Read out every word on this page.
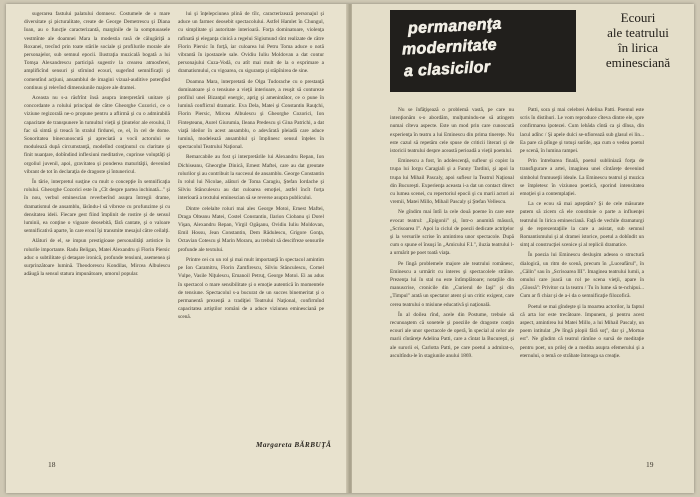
sugerarea fastului palatului domnesc. Costumele de o mare diversitate şi picturalitate, create de George Demetrescu şi Diana Ioan, au o funcţie caracterizantă, marginile de la somptuoasele vestmînte ale doamnei Mara la modestia rasă de călugăriţă a Roxanei, trecînd prin toate stările sociale şi profilurile morale ale personajelor, sub semnul epocii. Ilustraţia muzicală bogată a lui Tomşa Alexandrescu participă sugestiv la crearea atmosferei, amplificînd sensuri şi stîrnind ecouri, sugerînd semnificaţii şi comentînd acţiuni, ansamblul de imagini vizual-auditive potenţînd continuu şi relevînd dimensiunile majore ale dramei.

Aceasta nu s-a răsfrînt însă asupra interpretării unitare şi concordante a rolului principal de către Gheorghe Cozorici, ce o viziune regizorală ne-o propune pentru a aflirmă şi cu o admirabilă capacitate de transpunere în tumultul vieţii şi ţinutelor ale eroului, îl fac să simtă şi treacă în stralul firdurei, ce, el, în cel de dome. Sonoritatea binecunoscută şi apreciată a vocii actorului se modulează după circumstanţă, modelînd conţinutul cu claritate şi finit nuanţare, dobîndind inflexiuni meditative, cuprinse voluptăţi şi orgoliul juvenil, apoi, gravitatea şi ponderea maturităţii, devenind vibrant de tot în declaraţia de dragoste şi întunericul.

În tărie, interpretul susţine cu mult o concepţie în semnificaţia rolului. Gheorghe Cozorici este în „Cît despre partea inchinată..." şi în nou, verbul eminescian reverberînd asupra întregii drame, dramatismul de ansamblu, lăsîndu-l să vibreze cu profunzime şi cu densitatea ideii. Fiecare gest fiind împlinit de rostire şi de sensul luminii, ea conţine o vigoare deosebită, fără cantate, şi o valoare semnificativă aparte, în care eroul îşi transmite mesajul către ceilalţi.

Alături de el, se impun prestigioase personalităţi artistice în rolurile importante. Radu Beligan, Matei Alexandru şi Florin Piersic aduc o subtilitate şi detaşare ironică, profunde tensiuni, asemenea şi surprinzătoare lumină. Theodorescu Kondilas, Mircea Albulescu adăugă la sensul statura impunătoare, umorul popular.

lui şi înţelepciunea plină de tîlc, caracterizează personajul şi aduce un farmec deosebit spectacolului. Astfel Hamlet în Chungul, cu simplitate şi autoritate interioară. Forţa dominatoare, violenţa rafinată şi eleganţa cinică a regelui Sigismund sînt realizate de către Florin Piersic în forţă, iar culoarea lui Petru Toma aduce o notă vibrantă în ipostazele sale. Ovidiu Iuliu Moldovan a dat contur personajului Cuza-Vodă, cu atît mai mult de la o exprimare a dramatismului, cu vigoarea, cu siguranţa şi stăpînirea de sine.

Doamna Mara, interpretată de Olga Tudorache cu o prestanţă dominatoare şi o tensiune a vieţii interioare, a reuşit să contureze profilul unei Bizanţul energic, aprig şi amenintător, ce o pune în lumină conflictul dramatic. Eva Dela, Matei şi Constantin Rauţchi, Florin Piersic, Mircea Albulescu şi Gheorghe Cozorici, Ion Finteşteanu, Aurel Giurumia, Ileana Predescu şi Gina Patrichi, a dat viaţă ideilor în acest ansamblu, o adevărată pleiadă care aduce lumină, modelează ansamblul şi împlinesc sensul înţeles în spectacolul Teatrului Naţional.

Remarcabile au fost şi interpretările lui Alexandru Repan, Ion Dichiseanu, Gheorghe Dinică, Ernest Maftei, care au dat greutate rolurilor şi au contribuit la succesul de ansamblu. George Constantin în rolul lui Nicolae, alături de Toma Caragiu, Ştefan Iordache şi Silviu Stănculescu au dat culoarea emoţiei, astfel încît forţa interioară a textului eminescian să se reverse asupra publicului.

Dintre celelalte roluri mai ales George Motoi, Ernest Maftei, Draga Olteanu Matei, Costel Constantin, Ilarion Ciobanu şi Dorel Vişan, Alexandru Repan, Virgil Ogăşanu, Ovidiu Iuliu Moldovan, Emil Hossu, Jean Constantin, Dem Rădulescu, Grigore Gonţa, Octavian Cotescu şi Marin Moraru, au trebuit să descifreze sensurile profunde ale textului.

Printre cei cu un rol şi mai mult importanţă în spectacol amintim pe Ion Caramitru, Florin Zamfirescu, Silviu Stănculescu, Cornel Vulpe, Vasile Niţulescu, Emanoil Petruţ, George Motoi. Ei au adus în spectacol o mare sensibilitate şi o emoţie autentică în momentele de tensiune. Spectacolul s-a bucurat de un succes binemeritat şi o permanentă prezenţă a tradiţiei Teatrului Naţional, confirmînd capacitatea artiştilor români de a aduce viziunea eminesciană pe scenă.

Margareta BĂRBUŢĂ
18
permanenţa
modernitate
a clasicilor
Ecouri
ale teatrului
în lirica
eminesciană

Nu se înfăţişează o problemă vastă, pe care nu intenţionăm s-o abordăm, mulţumindu-ne să atingem numai cîteva aspecte. Este un mod prin care cunoscută experienţa în teatru a lui Eminescu din prima tinereţe. Nu este cazul să repetăm cele spuse de criticii literari şi de istoricii teatrului despre această perioadă a vieţii poetului.

Eminescu a fost, în adolescenţă, sufleur şi copist la trupa lui Iorgu Caragiali şi a Fanny Tardini, şi apoi la trupa lui Mihail Pascaly, apoi sufleur la Teatrul Naţional din Bucureşti. Experienţa aceasta i-a dat un contact direct cu lumea scenei, cu repertoriul epocii şi cu marii actori ai vremii, Matei Millo, Mihail Pascaly şi Ştefan Vellescu.

Ne gîndim mai întîi la cele două poeme în care este evocat teatrul: „Epigonii" şi, într-o anumită măsură, „Scrisoarea I". Apoi la ciclul de poezii dedicate actriţelor şi la versurile scrise în amintirea unor spectacole. După cum o spune el însuşi în „Amicului F.I.", iluzia teatrului l-a urmărit pe poet toată viaţa.

Pe lîngă problemele majore ale teatrului românesc, Eminescu a urmărit cu interes şi spectacolele străine. Prezenţa lui în stal nu este întîmplătoare; notaţiile din manuscrise, cronicile din „Curierul de Iaşi" şi din „Timpul" arată un spectator atent şi un critic exigent, care cerea teatrului o misiune educativă şi naţională.

În al doilea rînd, acele din Postume, trebuie să recunoaştem că sonetele şi poeziile de dragoste conţin ecouri ale unor spectacole de operă, în special al celor ale marii cîntăreţe Adelina Patti, care a cîntat la Bucureşti, şi ale surorii ei, Carlotta Patti, pe care poetul a admirat-o, ascultîndu-le în stagiunile anului 1869.

Patti, sora şi mai celebrei Adelina Patti. Poemul este scris în distihuri. Le vom reproduce cîteva dintre ele, spre confirmarea ipotezei. Cum lebăda cîntă ca şi dînsa, din lacul adînc / Şi apele dulci se-nfiorează sub glasul ei lin... Ea pare că plînge şi totuşi surîde, aşa cum o vedea poetul pe scenă, în lumina rampei.

Prin întrebarea finală, poetul subliniază forţa de transfigurare a artei, imaginea unei cîntăreţe devenind simbolul frumuseţii ideale. La Eminescu teatrul şi muzica se împletesc în viziunea poetică, sporind intensitatea emoţiei şi a contemplaţiei.

La ce ecou să mai aşteptăm? Şi de cele măsurate putem să zicem că ele constituie o parte a influenţei teatrului în lirica eminesciană. Faţă de vechile dramaturgi şi de reprezentaţiile la care a asistat, sub semnul Romantismului şi al dramei istorice, poetul a dobîndit un simţ al construcţiei scenice şi al replicii dramatice.

În poezia lui Eminescu desluşim adesea o structură dialogică, un ritm de scenă, precum în „Luceafărul", în „Călin" sau în „Scrisoarea III". Imaginea teatrului lumii, a omului care joacă un rol pe scena vieţii, apare în „Glossă": Privitor ca la teatru / Tu în lume să te-nchipui... Cum ar fi chiar şi de a-i da o semnificaţie filozofică.

Poetul se mai gîndeşte şi la moartea actorilor, la faptul că arta lor este trecătoare. Impunem, şi pentru acest aspect, amintirea lui Matei Millo, a lui Mihail Pascaly, un poem intitulat „Pe lîngă plopii fără soţ", dar şi „Mortua est". Ne gîndim că teatrul rămîne o sursă de meditaţie pentru poet, un prilej de a medita asupra efemerului şi a eternului, o temă ce străbate întreaga sa creaţie.

19
